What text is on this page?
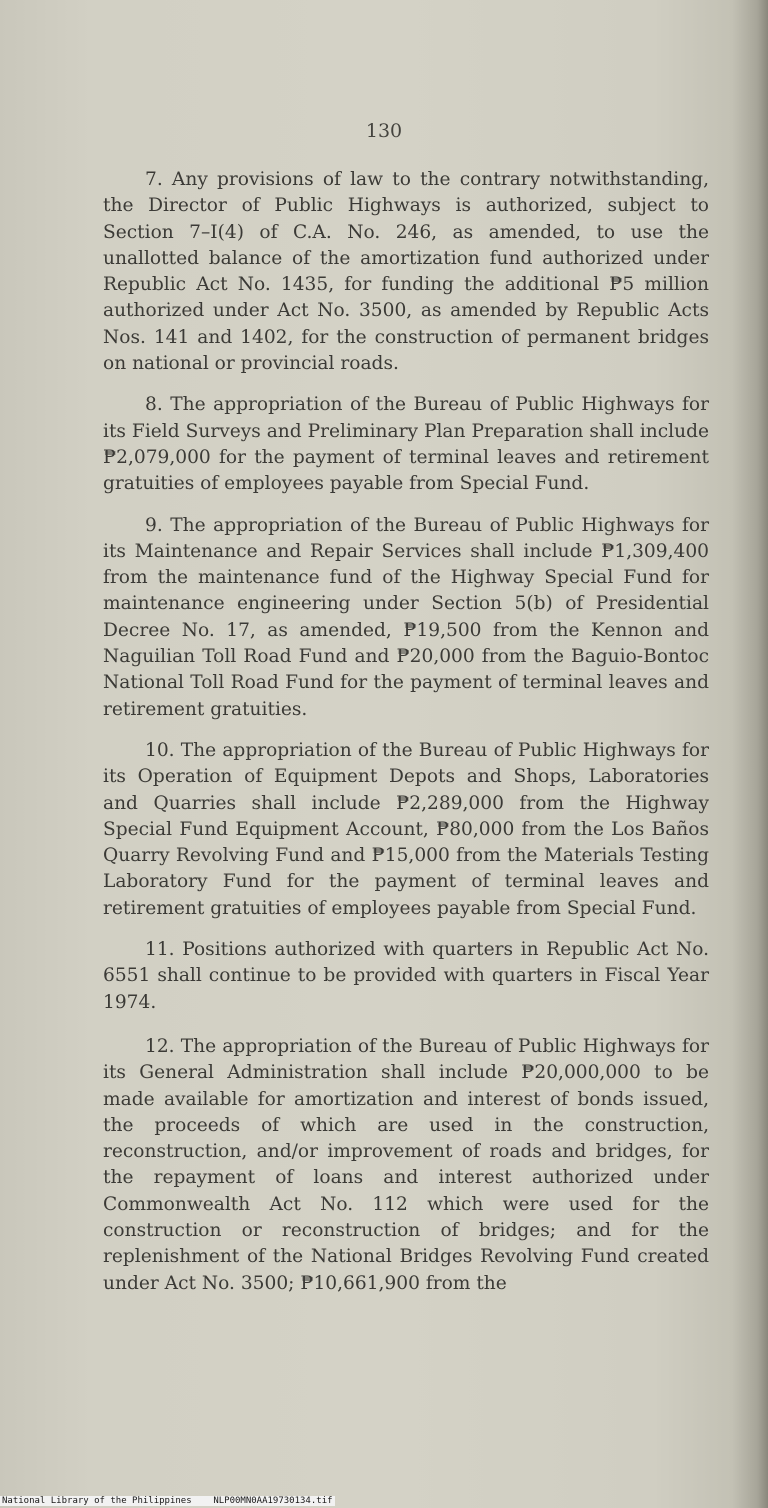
130

7. Any provisions of law to the contrary notwithstanding, the Director of Public Highways is authorized, subject to Section 7–I(4) of C.A. No. 246, as amended, to use the unallotted balance of the amortization fund authorized under Republic Act No. 1435, for funding the additional ₱5 million authorized under Act No. 3500, as amended by Republic Acts Nos. 141 and 1402, for the construction of permanent bridges on national or provincial roads.

8. The appropriation of the Bureau of Public Highways for its Field Surveys and Preliminary Plan Preparation shall include ₱2,079,000 for the payment of terminal leaves and retirement gratuities of employees payable from Special Fund.

9. The appropriation of the Bureau of Public Highways for its Maintenance and Repair Services shall include ₱1,309,400 from the maintenance fund of the Highway Special Fund for maintenance engineering under Section 5(b) of Presidential Decree No. 17, as amended, ₱19,500 from the Kennon and Naguilian Toll Road Fund and ₱20,000 from the Baguio-Bontoc National Toll Road Fund for the payment of terminal leaves and retirement gratuities.

10. The appropriation of the Bureau of Public Highways for its Operation of Equipment Depots and Shops, Laboratories and Quarries shall include ₱2,289,000 from the Highway Special Fund Equipment Account, ₱80,000 from the Los Baños Quarry Revolving Fund and ₱15,000 from the Materials Testing Laboratory Fund for the payment of terminal leaves and retirement gratuities of employees payable from Special Fund.

11. Positions authorized with quarters in Republic Act No. 6551 shall continue to be provided with quarters in Fiscal Year 1974.

12. The appropriation of the Bureau of Public Highways for its General Administration shall include ₱20,000,000 to be made available for amortization and interest of bonds issued, the proceeds of which are used in the construction, reconstruction, and/or improvement of roads and bridges, for the repayment of loans and interest authorized under Commonwealth Act No. 112 which were used for the construction or reconstruction of bridges; and for the replenishment of the National Bridges Revolving Fund created under Act No. 3500; ₱10,661,900 from the

National Library of the Philippines    NLP00MN0AA19730134.tif
